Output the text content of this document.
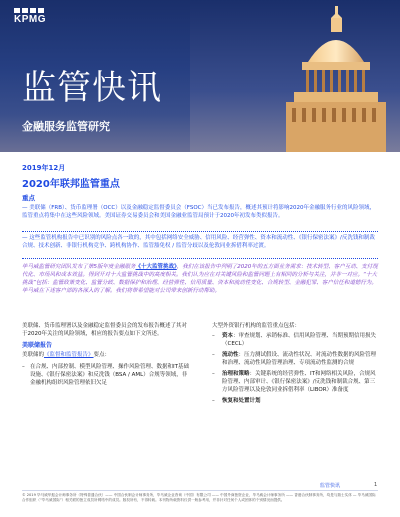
KPMG
监管快讯
金融服务监管研究
2019年12月
2020年联邦监管重点
重点

— 美联储（FRB）、货币监理署（OCC）以及金融稳定监督委员会（FSOC）当已发布报告，概述其预计将影响2020年金融服务行业的风险领域，监管重点将集中在这些风险领域。美国证券交易委员会和美国金融业监管局预计于2020年初发布类似报告。

— 这些监管机构报告中已识别的风险点各一致的，其中包括网络安全威胁、信用风险、经营弹性、资本和流动性、《银行保密法案》/反洗钱和制裁合规、技术创新、非银行机构竞争、跨机构协作、监管豁免权 / 监管分歧以及伦敦同业拆借利率过渡。

毕马威监管研究团队发布了第5版年度金融服务《十大监管挑战》，我们在该报告中列明了2020年的五方面业务需求：技术转型、客户互动、支付现代化、市场风和成本效益。得到开对十大监管挑战中的高度相关。我们认为应在对关键风险和监管问题上有相同的分析与关注，并非一对应。“十大挑战”包括：监管政策变化、监管分歧、数据保护和治理、经营弹性、信用质量、资本和流动性变化、合规转型、金融犯罪、客户信任和道德行为。毕马威在下述客户部的各深入的了解。我们将带希望能对公司带来创新行动帮助。

美联储、货币监理署以及金融稳定监督委员会的发布报告概述了其对于2020年关注的风险领域，相应的报告要点如下文所述。

美联储报告

美联储的《监督和监管报告》要点：

– 在合规、内部控制、模型风险管理、操作风险管理、数据和IT基础设施、《银行保密法案》和反洗钱（BSA / AML）合规等领域，非金融机构组织风险管理依旧欠足

大型外资银行机构的监管重点包括：

– 资本：审查规划、承销标准、信用风险管理、当期预期信用损失（CECL）
– 流动性：压力测试假设、流动性状况、对流动性数据的风险管理和治理、流动性风险管理治理、专项流动性监测的合规
– 治理和策略：关键系统的经营弹性、IT和网络相关风险，合规风险管理、内部审计、《银行保密法案》/反洗钱和制裁合规、第三方风险管理以及伦敦同业拆借利率（LIBOR）准备度
– 恢复和处置计划
监管快讯	1

© 2019 毕马威华振会计师事务所（特殊普通合伙）—— 中国合伙制会计师事务所，毕马威企业咨询（中国）有限公司 —— 中国外商独资企业，毕马威会计师事务所 —— 香港合伙制事务所，均是与瑞士实体 — 毕马威国际合作组织（“毕马威国际”）相关联的独立成员所网络中的成员。版权所有，不得转载。本刊物所载资料仅供一般参考用，并非针对任何个人或团体的个别情况而提供。
